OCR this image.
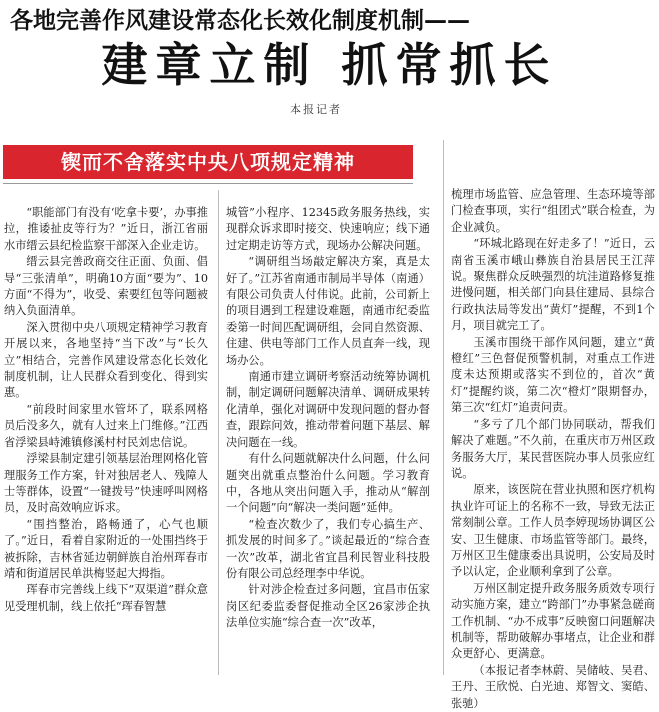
各地完善作风建设常态化长效化制度机制——
建章立制 抓常抓长
本报记者
锲而不舍落实中央八项规定精神

“职能部门有没有‘吃拿卡要’，办事推拉，推诿扯皮等行为？”近日，浙江省丽水市缙云县纪检监察干部深入企业走访。

缙云县完善政商交往正面、负面、倡导“三张清单”，明确10方面“要为”、10方面“不得为”，收受、索要红包等问题被纳入负面清单。

深入贯彻中央八项规定精神学习教育开展以来，各地坚持“当下改”与“长久立”相结合，完善作风建设常态化长效化制度机制，让人民群众看到变化、得到实惠。

“前段时间家里水管坏了，联系网格员后没多久，就有人过来上门维修。”江西省浮梁县峙滩镇修溪村村民刘忠信说。

浮梁县制定建引领基层治理网格化管理服务工作方案，针对独居老人、残障人士等群体，设置“一键拨号”快速呼叫网格员，及时高效响应诉求。

“围挡整治，路畅通了，心气也顺了。”近日，看着自家附近的一处围挡终于被拆除，吉林省延边朝鲜族自治州珲春市靖和街道居民单洪梅竖起大拇指。

珲春市完善线上线下“双渠道”群众意见受理机制，线上依托“珲春智慧

城管”小程序、12345政务服务热线，实现群众诉求即时接交、快速响应；线下通过定期走访等方式，现场办公解决问题。

“调研组当场敲定解决方案，真是太好了。”江苏省南通市制局半导体（南通）有限公司负责人付伟说。此前，公司新上的项目遇到工程建设难题，南通市纪委监委第一时间匹配调研组，会同自然资源、住建、供电等部门工作人员直奔一线，现场办公。

南通市建立调研考察活动统筹协调机制，制定调研问题解决清单、调研成果转化清单，强化对调研中发现问题的督办督查，跟踪问效，推动带着问题下基层、解决问题在一线。

有什么问题就解决什么问题，什么问题突出就重点整治什么问题。学习教育中，各地从突出问题入手，推动从“解剖一个问题”向“解决一类问题”延伸。

“检查次数少了，我们专心搞生产、抓发展的时间多了。”谈起最近的“综合查一次”改革，湖北省宜昌利民智业科技股份有限公司总经理李中华说。

针对涉企检查过多问题，宜昌市伍家岗区纪委监委督促推动全区26家涉企执法单位实施“综合查一次”改革，

梳理市场监管、应急管理、生态环境等部门检查事项，实行“组团式”联合检查，为企业减负。

“环城北路现在好走多了！”近日，云南省玉溪市峨山彝族自治县居民王江萍说。聚焦群众反映强烈的坑洼道路修复推进慢问题，相关部门向县住建局、县综合行政执法局等发出“黄灯”提醒，不到1个月，项目就完工了。

玉溪市围绕干部作风问题，建立“黄橙红”三色督促预警机制，对重点工作进度未达预期或落实不到位的，首次“黄灯”提醒约谈，第二次“橙灯”限期督办，第三次“红灯”追责问责。

“多亏了几个部门协同联动，帮我们解决了难题。”不久前，在重庆市万州区政务服务大厅，某民营医院办事人员张应红说。

原来，该医院在营业执照和医疗机构执业许可证上的名称不一致，导致无法正常刻制公章。工作人员李婷现场协调区公安、卫生健康、市场监管等部门。最终，万州区卫生健康委出具说明，公安局及时予以认定，企业顺利拿到了公章。

万州区制定提升政务服务质效专项行动实施方案，建立“跨部门”办事紧急磋商工作机制、“办不成事”反映窗口问题解决机制等，帮助破解办事堵点，让企业和群众更舒心、更满意。

（本报记者李林蔚、吴储岐、吴君、王丹、王欣悦、白光迪、郑智文、窦皓、张驰）
